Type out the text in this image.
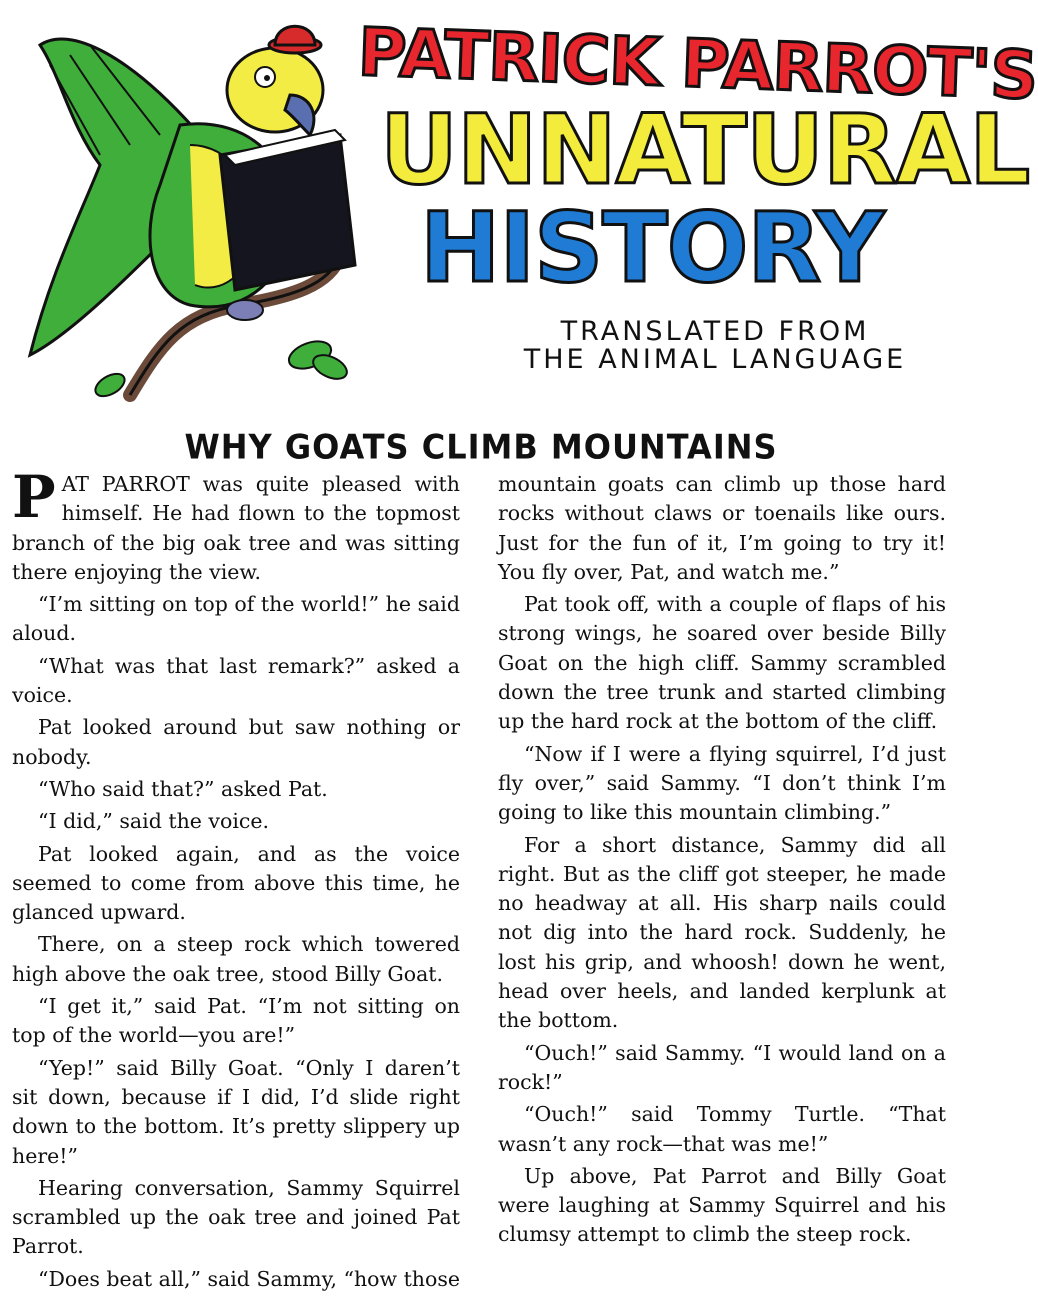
PATRICK PARROT'S
UNNATURAL
HISTORY
TRANSLATED FROM
THE ANIMAL LANGUAGE
WHY GOATS CLIMB MOUNTAINS

PAT PARROT was quite pleased with himself. He had flown to the topmost branch of the big oak tree and was sitting there enjoying the view.

“I’m sitting on top of the world!” he said aloud.

“What was that last remark?” asked a voice.

Pat looked around but saw nothing or nobody.

“Who said that?” asked Pat.

“I did,” said the voice.

Pat looked again, and as the voice seemed to come from above this time, he glanced upward.

There, on a steep rock which towered high above the oak tree, stood Billy Goat.

“I get it,” said Pat. “I’m not sitting on top of the world—you are!”

“Yep!” said Billy Goat. “Only I daren’t sit down, because if I did, I’d slide right down to the bottom. It’s pretty slippery up here!”

Hearing conversation, Sammy Squirrel scrambled up the oak tree and joined Pat Parrot.

“Does beat all,” said Sammy, “how those

mountain goats can climb up those hard rocks without claws or toenails like ours. Just for the fun of it, I’m going to try it! You fly over, Pat, and watch me.”

Pat took off, with a couple of flaps of his strong wings, he soared over beside Billy Goat on the high cliff. Sammy scrambled down the tree trunk and started climbing up the hard rock at the bottom of the cliff.

“Now if I were a flying squirrel, I’d just fly over,” said Sammy. “I don’t think I’m going to like this mountain climbing.”

For a short distance, Sammy did all right. But as the cliff got steeper, he made no headway at all. His sharp nails could not dig into the hard rock. Suddenly, he lost his grip, and whoosh! down he went, head over heels, and landed kerplunk at the bottom.

“Ouch!” said Sammy. “I would land on a rock!”

“Ouch!” said Tommy Turtle. “That wasn’t any rock—that was me!”

Up above, Pat Parrot and Billy Goat were laughing at Sammy Squirrel and his clumsy attempt to climb the steep rock.
